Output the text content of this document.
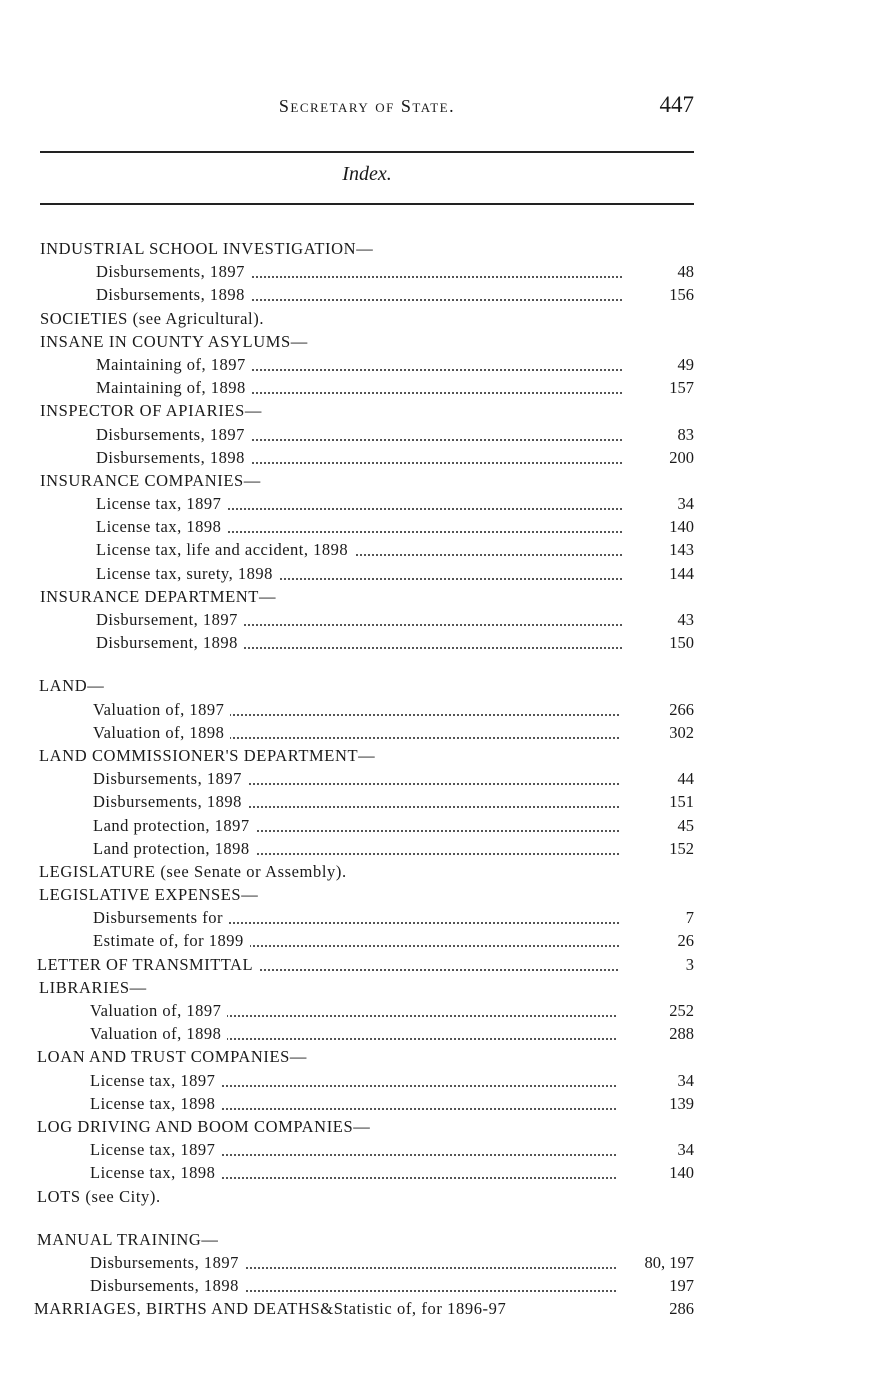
Secretary of State.	447
Index.
INDUSTRIAL SCHOOL INVESTIGATION—
Disbursements, 1897	48
Disbursements, 1898	156
SOCIETIES (see Agricultural).
INSANE IN COUNTY ASYLUMS—
Maintaining of, 1897	49
Maintaining of, 1898	157
INSPECTOR OF APIARIES—
Disbursements, 1897	83
Disbursements, 1898	200
INSURANCE COMPANIES—
License tax, 1897	34
License tax, 1898	140
License tax, life and accident, 1898	143
License tax, surety, 1898	144
INSURANCE DEPARTMENT—
Disbursement, 1897	43
Disbursement, 1898	150
LAND—
Valuation of, 1897	266
Valuation of, 1898	302
LAND COMMISSIONER'S DEPARTMENT—
Disbursements, 1897	44
Disbursements, 1898	151
Land protection, 1897	45
Land protection, 1898	152
LEGISLATURE (see Senate or Assembly).
LEGISLATIVE EXPENSES—
Disbursements for	7
Estimate of, for 1899	26
LETTER OF TRANSMITTAL	3
LIBRARIES—
Valuation of, 1897	252
Valuation of, 1898	288
LOAN AND TRUST COMPANIES—
License tax, 1897	34
License tax, 1898	139
LOG DRIVING AND BOOM COMPANIES—
License tax, 1897	34
License tax, 1898	140
LOTS (see City).
MANUAL TRAINING—
Disbursements, 1897	80, 197
Disbursements, 1898	197
MARRIAGES, BIRTHS AND DEATHS&Statistic of, for 1896-97	286
